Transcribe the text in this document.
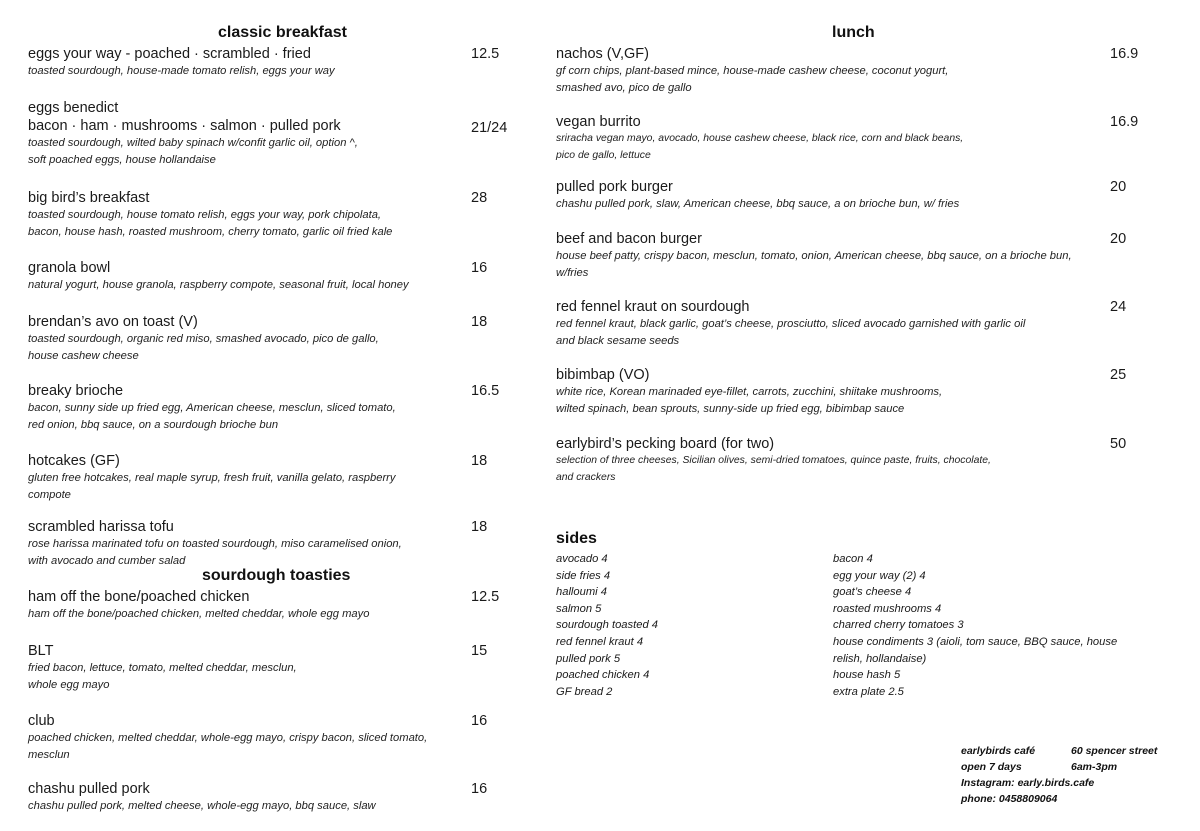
classic breakfast
eggs your way - poached · scrambled · fried
toasted sourdough, house-made tomato relish, eggs your way
12.5
eggs benedict
bacon · ham · mushrooms · salmon · pulled pork
toasted sourdough, wilted baby spinach w/confit garlic oil, option ^,
soft poached eggs, house hollandaise
21/24
big bird’s breakfast
toasted sourdough, house tomato relish, eggs your way, pork chipolata,
bacon, house hash, roasted mushroom, cherry tomato, garlic oil fried kale
28
granola bowl
natural yogurt, house granola, raspberry compote, seasonal fruit, local honey
16
brendan’s avo on toast (V)
toasted sourdough, organic red miso, smashed avocado, pico de gallo,
house cashew cheese
18
breaky brioche
bacon, sunny side up fried egg, American cheese, mesclun, sliced tomato,
red onion, bbq sauce, on a sourdough brioche bun
16.5
hotcakes (GF)
gluten free hotcakes, real maple syrup, fresh fruit, vanilla gelato, raspberry
compote
18
scrambled harissa tofu
rose harissa marinated tofu on toasted sourdough, miso caramelised onion,
with avocado and cumber salad
18
sourdough toasties
ham off the bone/poached chicken
ham off the bone/poached chicken, melted cheddar, whole egg mayo
12.5
BLT
fried bacon, lettuce, tomato, melted cheddar, mesclun,
whole egg mayo
15
club
poached chicken, melted cheddar, whole-egg mayo, crispy bacon, sliced tomato,
mesclun
16
chashu pulled pork
chashu pulled pork, melted cheese, whole-egg mayo, bbq sauce, slaw
16
lunch
nachos (V,GF)
gf corn chips, plant-based mince, house-made cashew cheese, coconut yogurt,
smashed avo, pico de gallo
16.9
vegan burrito
sriracha vegan mayo, avocado, house cashew cheese, black rice, corn and black beans,
pico de gallo, lettuce
16.9
pulled pork burger
chashu pulled pork, slaw, American cheese, bbq sauce, a on brioche bun, w/ fries
20
beef and bacon burger
house beef patty, crispy bacon, mesclun, tomato, onion, American cheese, bbq sauce, on a brioche bun,
w/fries
20
red fennel kraut on sourdough
red fennel kraut, black garlic, goat’s cheese, prosciutto, sliced avocado garnished with garlic oil
and black sesame seeds
24
bibimbap (VO)
white rice, Korean marinaded eye-fillet, carrots, zucchini, shiitake mushrooms,
wilted spinach, bean sprouts, sunny-side up fried egg, bibimbap sauce
25
earlybird’s pecking board (for two)
selection of three cheeses, Sicilian olives, semi-dried tomatoes, quince paste, fruits, chocolate,
and crackers
50
sides
avocado 4
side fries 4
halloumi 4
salmon 5
sourdough toasted 4
red fennel kraut 4
pulled pork 5
poached chicken 4
GF bread 2
bacon 4
egg your way (2) 4
goat’s cheese 4
roasted mushrooms 4
charred cherry tomatoes 3
house condiments 3 (aioli, tom sauce, BBQ sauce, house
relish, hollandaise)
house hash 5
extra plate 2.5
earlybirds café	60 spencer street
open 7 days	6am-3pm
Instagram: early.birds.cafe
phone: 0458809064
